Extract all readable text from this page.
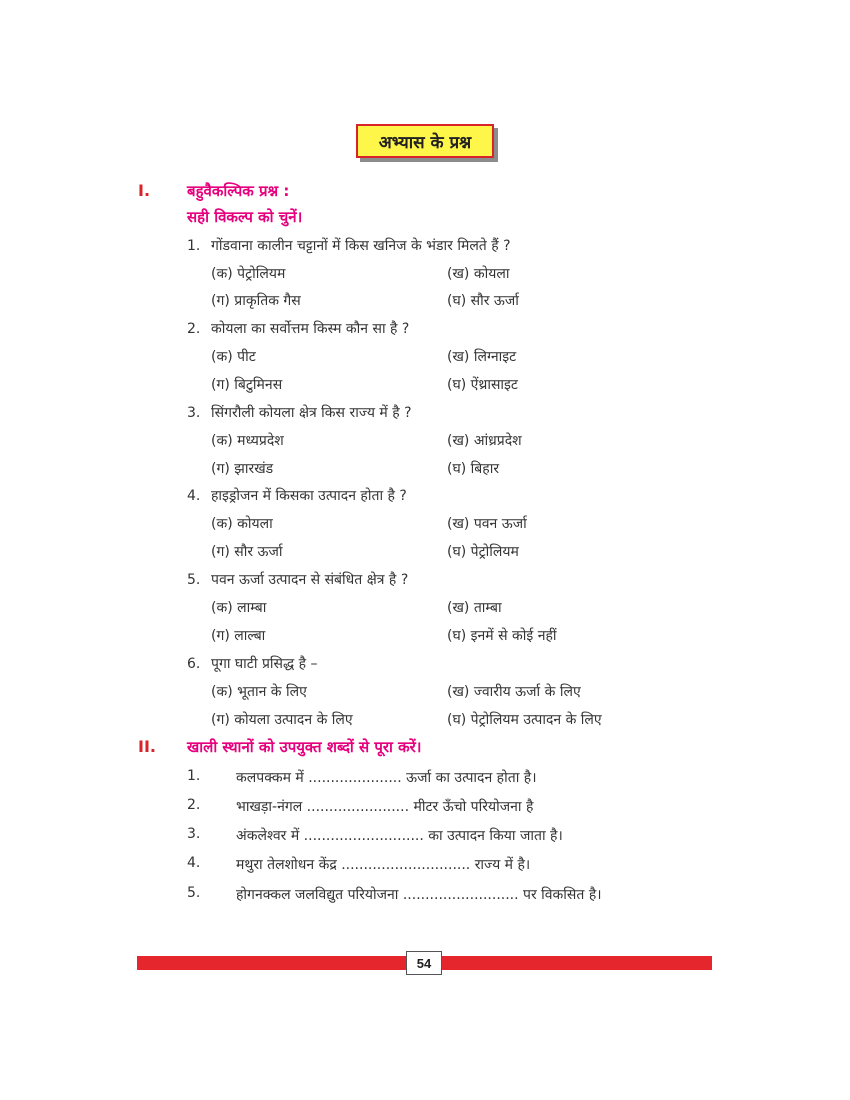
अभ्यास के प्रश्न
I. बहुवैकल्पिक प्रश्न :
सही विकल्प को चुनें।
1. गोंडवाना कालीन चट्टानों में किस खनिज के भंडार मिलते हैं ?
(क) पेट्रोलियम	(ख) कोयला
(ग) प्राकृतिक गैस	(घ) सौर ऊर्जा
2. कोयला का सर्वोत्तम किस्म कौन सा है ?
(क) पीट	(ख) लिग्नाइट
(ग) बिटुमिनस	(घ) ऐंथ्रासाइट
3. सिंगरौली कोयला क्षेत्र किस राज्य में है ?
(क) मध्यप्रदेश	(ख) आंध्रप्रदेश
(ग) झारखंड	(घ) बिहार
4. हाइड्रोजन में किसका उत्पादन होता है ?
(क) कोयला	(ख) पवन ऊर्जा
(ग) सौर ऊर्जा	(घ) पेट्रोलियम
5. पवन ऊर्जा उत्पादन से संबंधित क्षेत्र है ?
(क) लाम्बा	(ख) ताम्बा
(ग) लाल्बा	(घ) इनमें से कोई नहीं
6. पूगा घाटी प्रसिद्ध है –
(क) भूतान के लिए	(ख) ज्वारीय ऊर्जा के लिए
(ग) कोयला उत्पादन के लिए	(घ) पेट्रोलियम उत्पादन के लिए
II. खाली स्थानों को उपयुक्त शब्दों से पूरा करें।
1.	कलपक्कम में ..................... ऊर्जा का उत्पादन होता है।
2.	भाखड़ा-नंगल ....................... मीटर ऊँचो परियोजना है
3.	अंकलेश्वर में ........................... का उत्पादन किया जाता है।
4.	मथुरा तेलशोधन केंद्र ............................. राज्य में है।
5.	होगनक्कल जलविद्युत परियोजना .......................... पर विकसित है।
54
